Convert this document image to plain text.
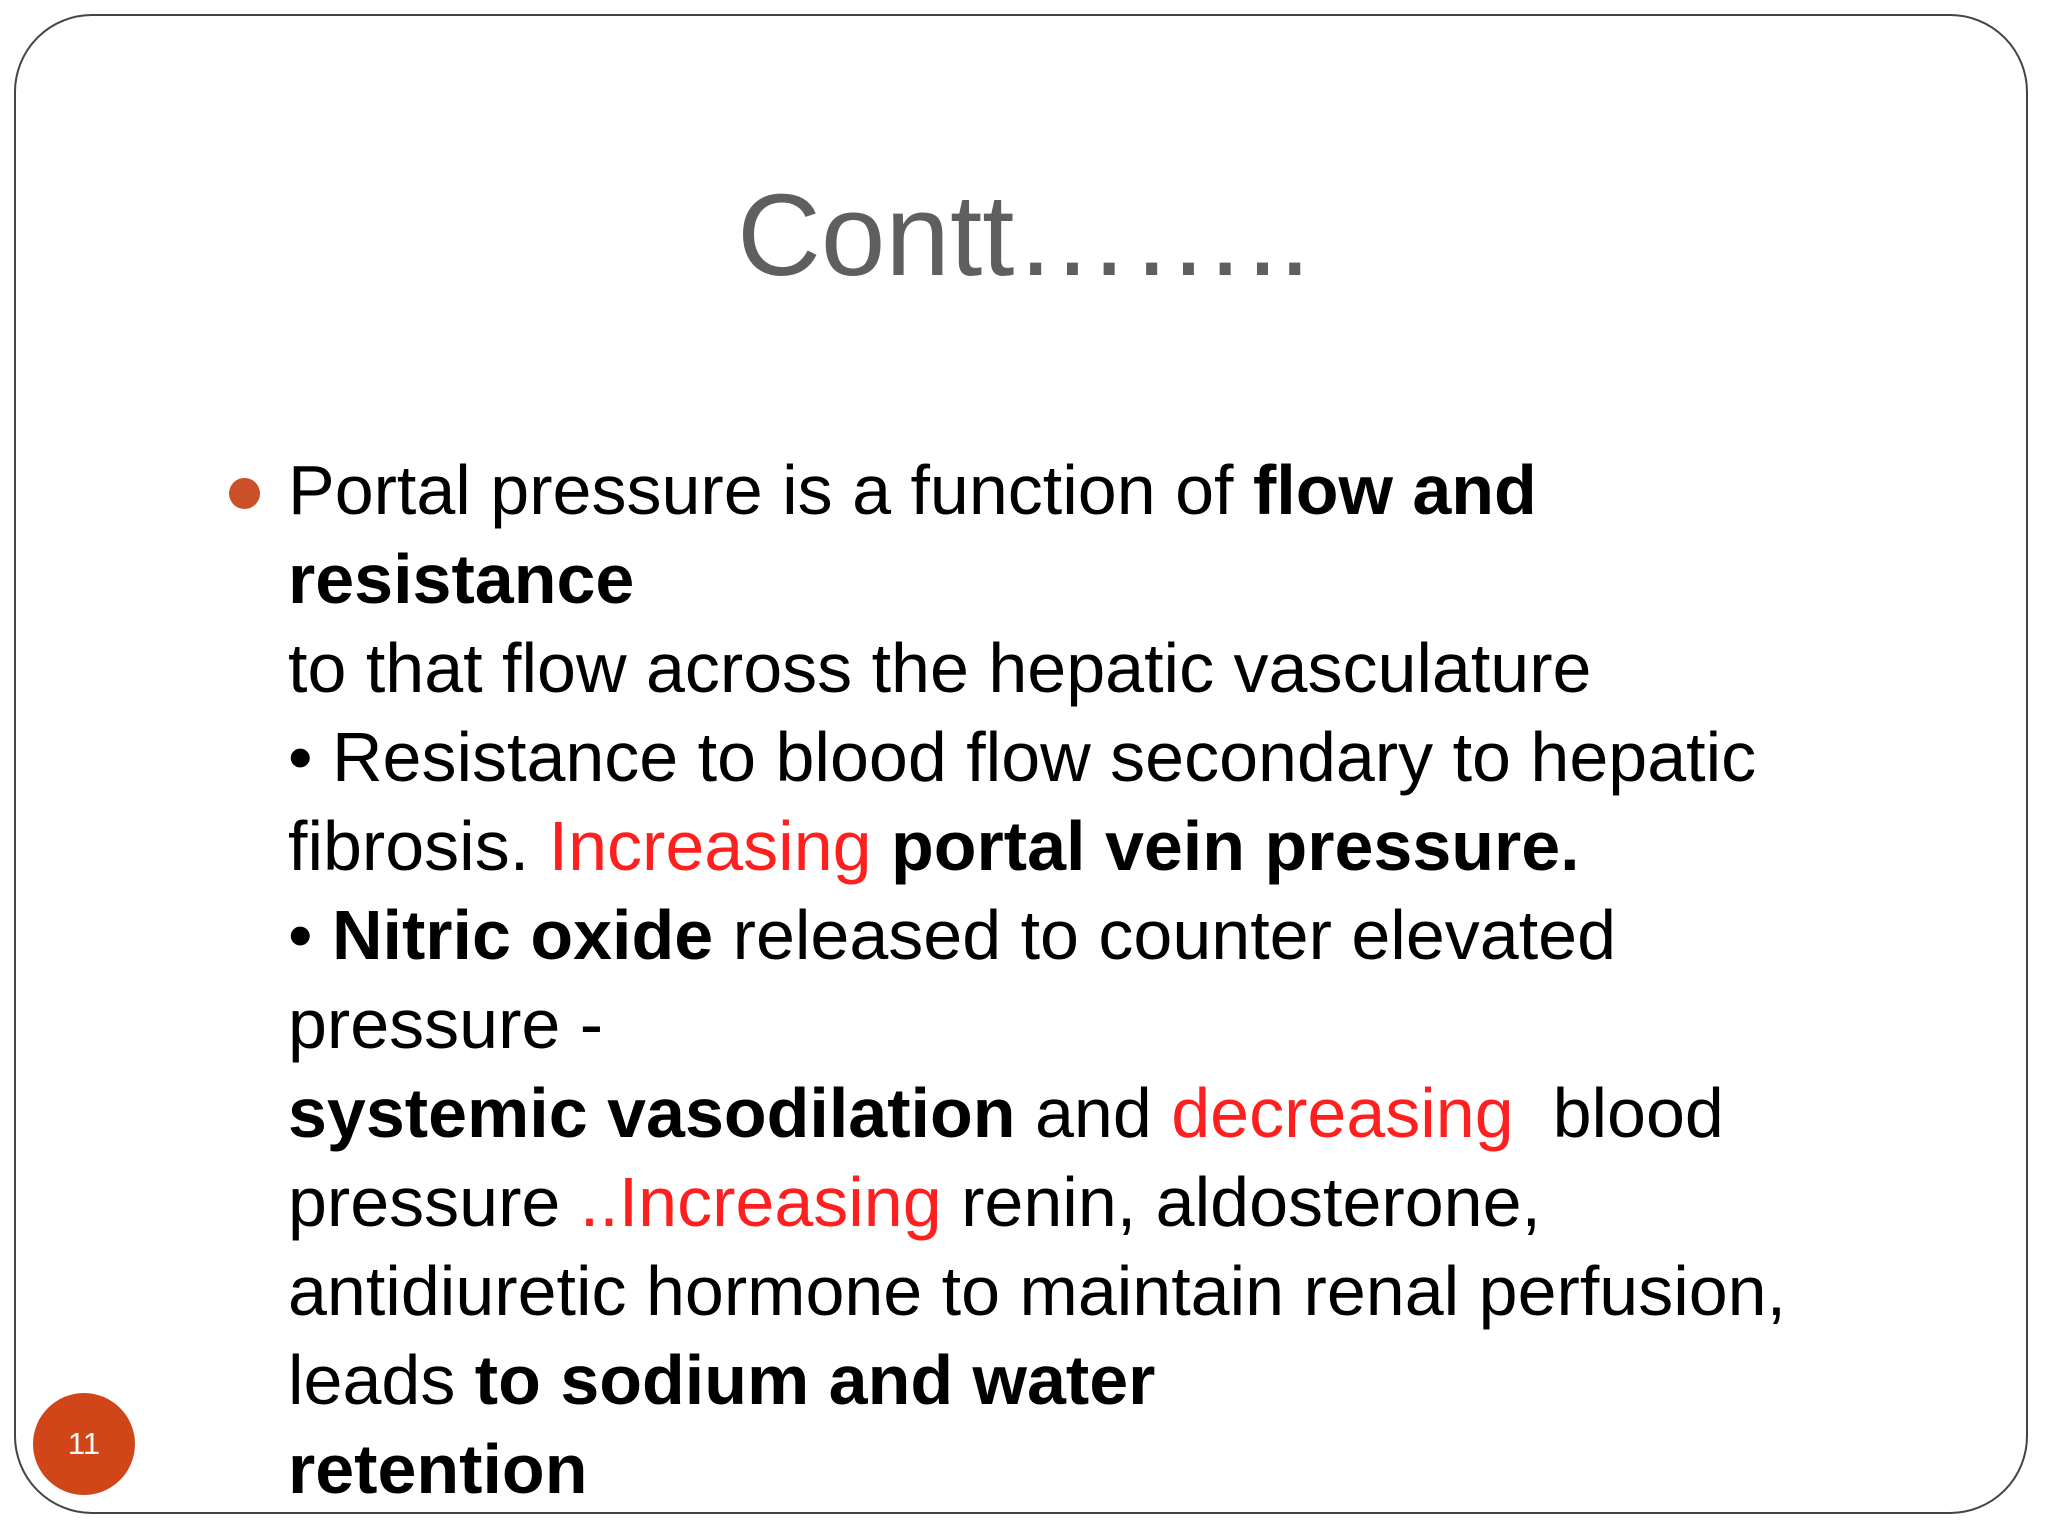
Contt……..
Portal pressure is a function of flow and
resistance
to that flow across the hepatic vasculature
• Resistance to blood flow secondary to hepatic
fibrosis. Increasing portal vein pressure.
• Nitric oxide released to counter elevated
pressure -
systemic vasodilation and decreasing  blood
pressure ..Increasing renin, aldosterone,
antidiuretic hormone to maintain renal perfusion,
leads to sodium and water
retention
11
